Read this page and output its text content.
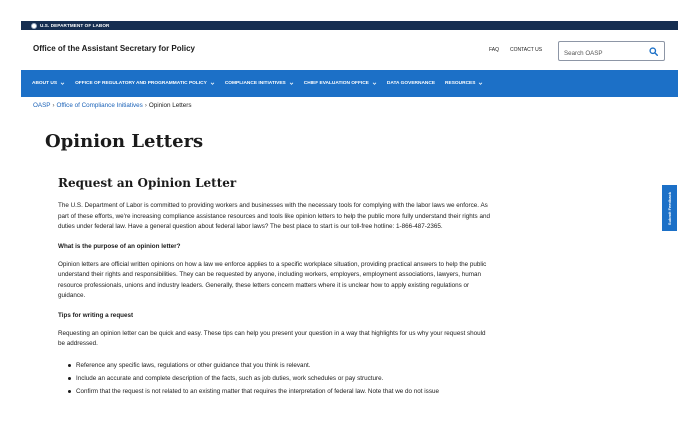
U.S. DEPARTMENT OF LABOR
Office of the Assistant Secretary for Policy	FAQ CONTACT US
Search OASP
ABOUT US	OFFICE OF REGULATORY AND PROGRAMMATIC POLICY	COMPLIANCE INITIATIVES	CHIEF EVALUATION OFFICE	DATA GOVERNANCE RESOURCES
OASP › Office of Compliance Initiatives › Opinion Letters
Opinion Letters
Request an Opinion Letter

The U.S. Department of Labor is committed to providing workers and businesses with the necessary tools for complying with the labor laws we enforce. As part of these efforts, we're increasing compliance assistance resources and tools like opinion letters to help the public more fully understand their rights and duties under federal law. Have a general question about federal labor laws? The best place to start is our toll-free hotline: 1-866-487-2365.

What is the purpose of an opinion letter?

Opinion letters are official written opinions on how a law we enforce applies to a specific workplace situation, providing practical answers to help the public understand their rights and responsibilities. They can be requested by anyone, including workers, employers, employment associations, lawyers, human resource professionals, unions and industry leaders. Generally, these letters concern matters where it is unclear how to apply existing regulations or guidance.

Tips for writing a request

Requesting an opinion letter can be quick and easy. These tips can help you present your question in a way that highlights for us why your request should be addressed.

Reference any specific laws, regulations or other guidance that you think is relevant.
Include an accurate and complete description of the facts, such as job duties, work schedules or pay structure.
Confirm that the request is not related to an existing matter that requires the interpretation of federal law. Note that we do not issue
Submit Feedback
